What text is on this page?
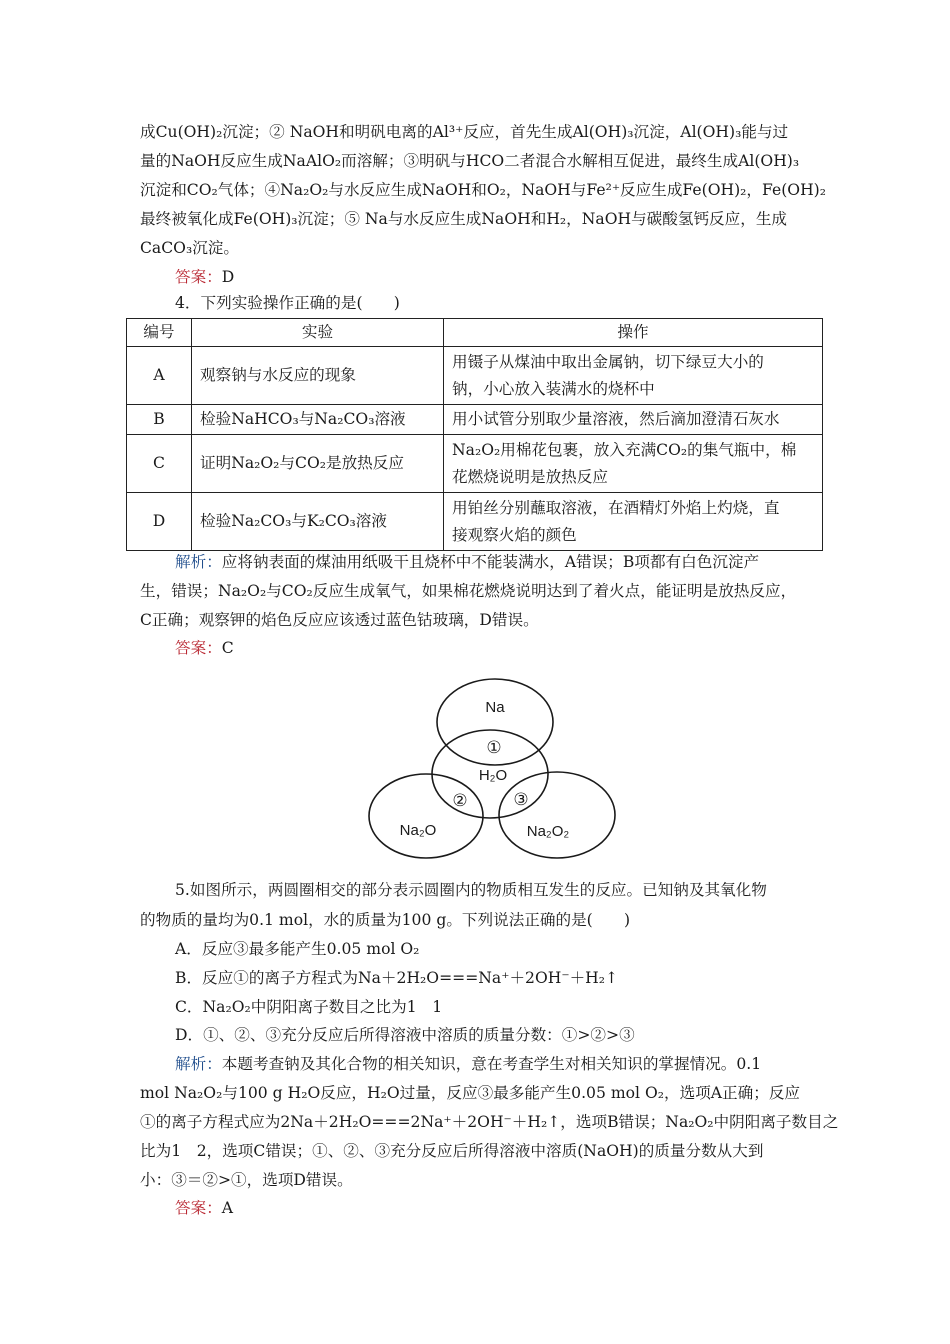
成Cu(OH)₂沉淀；② NaOH和明矾电离的Al³⁺反应，首先生成Al(OH)₃沉淀，Al(OH)₃能与过
量的NaOH反应生成NaAlO₂而溶解；③明矾与HCO二者混合水解相互促进，最终生成Al(OH)₃
沉淀和CO₂气体；④Na₂O₂与水反应生成NaOH和O₂，NaOH与Fe²⁺反应生成Fe(OH)₂，Fe(OH)₂
最终被氧化成Fe(OH)₃沉淀；⑤ Na与水反应生成NaOH和H₂，NaOH与碳酸氢钙反应，生成
CaCO₃沉淀。
答案：D
4．下列实验操作正确的是(　　)
编号	实验	操作
A	观察钠与水反应的现象	用镊子从煤油中取出金属钠，切下绿豆大小的
钠，小心放入装满水的烧杯中

B	检验NaHCO₃与Na₂CO₃溶液	用小试管分别取少量溶液，然后滴加澄清石灰水

C	证明Na₂O₂与CO₂是放热反应	Na₂O₂用棉花包裹，放入充满CO₂的集气瓶中，棉
花燃烧说明是放热反应

D	检验Na₂CO₃与K₂CO₃溶液	用铂丝分别蘸取溶液，在酒精灯外焰上灼烧，直
接观察火焰的颜色
解析：应将钠表面的煤油用纸吸干且烧杯中不能装满水，A错误；B项都有白色沉淀产
生，错误；Na₂O₂与CO₂反应生成氧气，如果棉花燃烧说明达到了着火点，能证明是放热反应，
C正确；观察钾的焰色反应应该透过蓝色钴玻璃，D错误。
答案：C
Na
H₂O
Na₂O	Na₂O₂
①
②	③
5.如图所示，两圆圈相交的部分表示圆圈内的物质相互发生的反应。已知钠及其氧化物
的物质的量均为0.1 mol，水的质量为100 g。下列说法正确的是(　　)
A．反应③最多能产生0.05 mol O₂
B．反应①的离子方程式为Na＋2H₂O===Na⁺＋2OH⁻＋H₂↑
C．Na₂O₂中阴阳离子数目之比为1　1
D．①、②、③充分反应后所得溶液中溶质的质量分数：①>②>③
解析：本题考查钠及其化合物的相关知识，意在考查学生对相关知识的掌握情况。0.1
mol Na₂O₂与100 g H₂O反应，H₂O过量，反应③最多能产生0.05 mol O₂，选项A正确；反应
①的离子方程式应为2Na＋2H₂O===2Na⁺＋2OH⁻＋H₂↑，选项B错误；Na₂O₂中阴阳离子数目之
比为1　2，选项C错误；①、②、③充分反应后所得溶液中溶质(NaOH)的质量分数从大到
小：③＝②>①，选项D错误。
答案：A
